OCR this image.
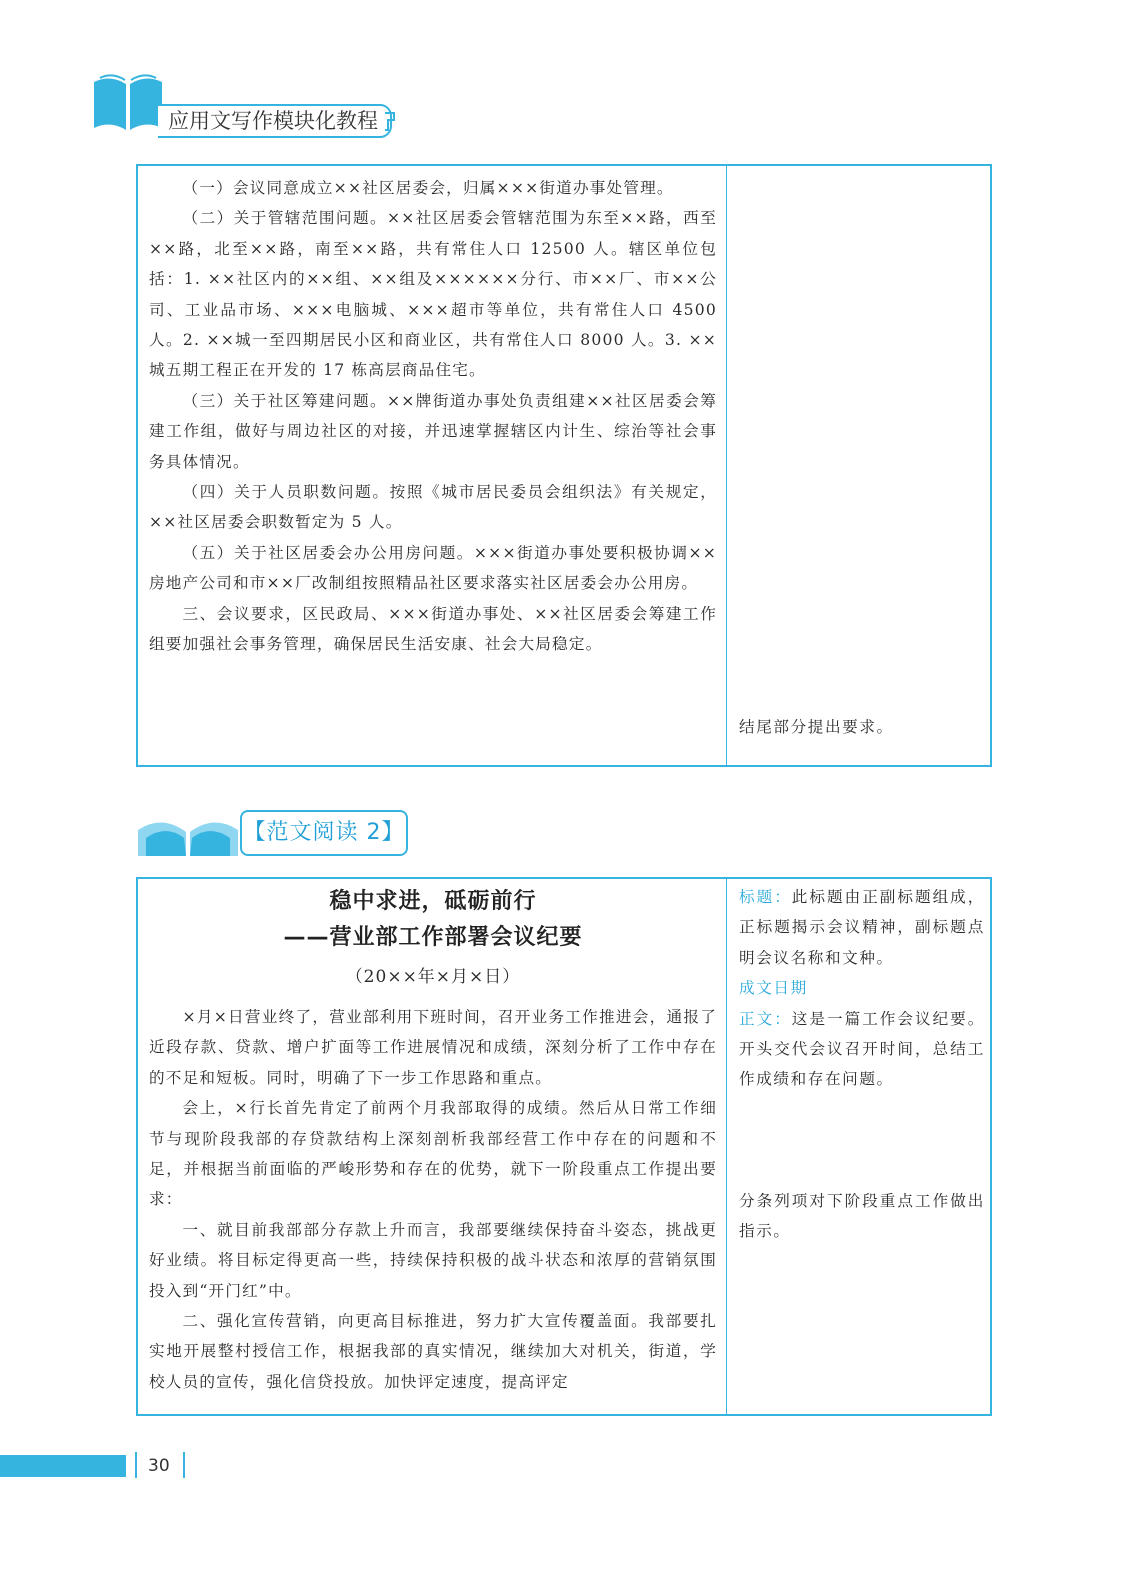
应用文写作模块化教程

（一）会议同意成立××社区居委会，归属×××街道办事处管理。

（二）关于管辖范围问题。××社区居委会管辖范围为东至××路，西至××路，北至××路，南至××路，共有常住人口 12500 人。辖区单位包括：1. ××社区内的××组、××组及××××××分行、市××厂、市××公司、工业品市场、×××电脑城、×××超市等单位，共有常住人口 4500 人。2. ××城一至四期居民小区和商业区，共有常住人口 8000 人。3. ××城五期工程正在开发的 17 栋高层商品住宅。

（三）关于社区筹建问题。××牌街道办事处负责组建××社区居委会筹建工作组，做好与周边社区的对接，并迅速掌握辖区内计生、综治等社会事务具体情况。

（四）关于人员职数问题。按照《城市居民委员会组织法》有关规定，××社区居委会职数暂定为 5 人。

（五）关于社区居委会办公用房问题。×××街道办事处要积极协调××房地产公司和市××厂改制组按照精品社区要求落实社区居委会办公用房。

三、会议要求，区民政局、×××街道办事处、××社区居委会筹建工作组要加强社会事务管理，确保居民生活安康、社会大局稳定。

结尾部分提出要求。

【范文阅读 2】
稳中求进，砥砺前行
——营业部工作部署会议纪要
（20××年×月×日）

×月×日营业终了，营业部利用下班时间，召开业务工作推进会，通报了近段存款、贷款、增户扩面等工作进展情况和成绩，深刻分析了工作中存在的不足和短板。同时，明确了下一步工作思路和重点。

会上，×行长首先肯定了前两个月我部取得的成绩。然后从日常工作细节与现阶段我部的存贷款结构上深刻剖析我部经营工作中存在的问题和不足，并根据当前面临的严峻形势和存在的优势，就下一阶段重点工作提出要求：

一、就目前我部部分存款上升而言，我部要继续保持奋斗姿态，挑战更好业绩。将目标定得更高一些，持续保持积极的战斗状态和浓厚的营销氛围投入到“开门红”中。

二、强化宣传营销，向更高目标推进，努力扩大宣传覆盖面。我部要扎实地开展整村授信工作，根据我部的真实情况，继续加大对机关，街道，学校人员的宣传，强化信贷投放。加快评定速度，提高评定

标题：此标题由正副标题组成，正标题揭示会议精神，副标题点明会议名称和文种。

成文日期

正文：这是一篇工作会议纪要。开头交代会议召开时间，总结工作成绩和存在问题。

分条列项对下阶段重点工作做出指示。

30
